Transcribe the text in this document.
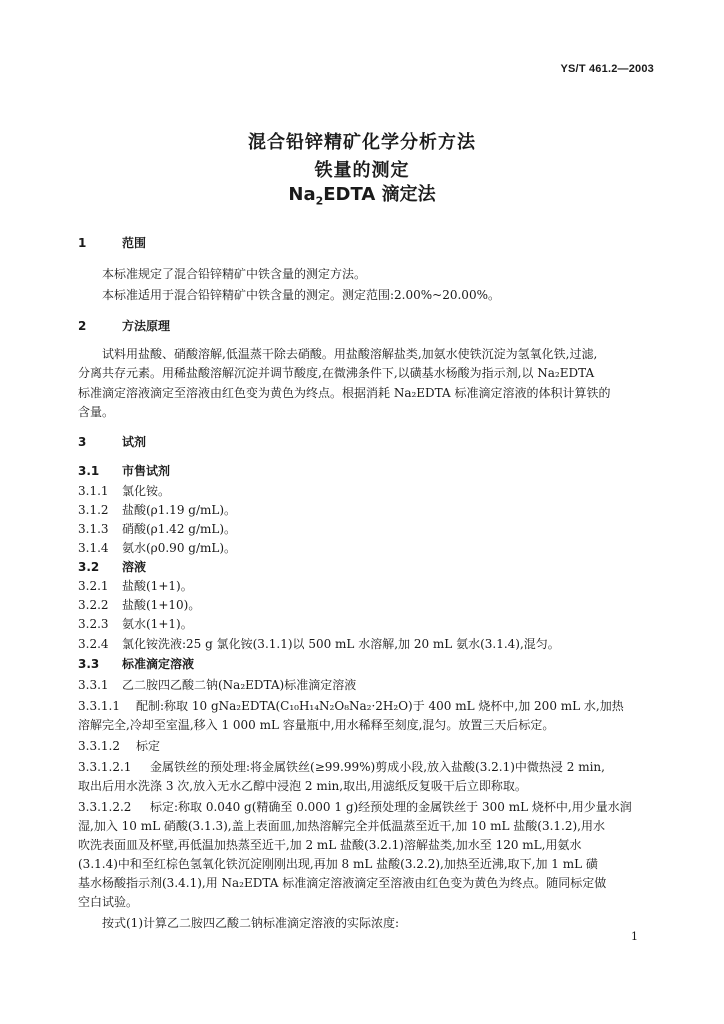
YS/T 461.2—2003
混合铅锌精矿化学分析方法
铁量的测定
$Na_2EDTA$ 滴定法
1	范围
本标准规定了混合铅锌精矿中铁含量的测定方法。
本标准适用于混合铅锌精矿中铁含量的测定。测定范围:2.00%~20.00%。
2	方法原理
试料用盐酸、硝酸溶解,低温蒸干除去硝酸。用盐酸溶解盐类,加氨水使铁沉淀为氢氧化铁,过滤,
分离共存元素。用稀盐酸溶解沉淀并调节酸度,在微沸条件下,以磺基水杨酸为指示剂,以 Na₂EDTA
标准滴定溶液滴定至溶液由红色变为黄色为终点。根据消耗 Na₂EDTA 标准滴定溶液的体积计算铁的
含量。
3	试剂
3.1 市售试剂
3.1.1 氯化铵。
3.1.2 盐酸(ρ1.19 g/mL)。
3.1.3 硝酸(ρ1.42 g/mL)。
3.1.4 氨水(ρ0.90 g/mL)。
3.2 溶液
3.2.1 盐酸(1+1)。
3.2.2 盐酸(1+10)。
3.2.3 氨水(1+1)。
3.2.4 氯化铵洗液:25 g 氯化铵(3.1.1)以 500 mL 水溶解,加 20 mL 氨水(3.1.4),混匀。
3.3 标准滴定溶液
3.3.1 乙二胺四乙酸二钠(Na₂EDTA)标准滴定溶液
3.3.1.1 配制:称取 10 gNa₂EDTA(C₁₀H₁₄N₂O₈Na₂·2H₂O)于 400 mL 烧杯中,加 200 mL 水,加热
溶解完全,冷却至室温,移入 1 000 mL 容量瓶中,用水稀释至刻度,混匀。放置三天后标定。
3.3.1.2 标定
3.3.1.2.1 金属铁丝的预处理:将金属铁丝(≥99.99%)剪成小段,放入盐酸(3.2.1)中微热浸 2 min,
取出后用水洗涤 3 次,放入无水乙醇中浸泡 2 min,取出,用滤纸反复吸干后立即称取。
3.3.1.2.2 标定:称取 0.040 g(精确至 0.000 1 g)经预处理的金属铁丝于 300 mL 烧杯中,用少量水润
湿,加入 10 mL 硝酸(3.1.3),盖上表面皿,加热溶解完全并低温蒸至近干,加 10 mL 盐酸(3.1.2),用水
吹洗表面皿及杯壁,再低温加热蒸至近干,加 2 mL 盐酸(3.2.1)溶解盐类,加水至 120 mL,用氨水
(3.1.4)中和至红棕色氢氧化铁沉淀刚刚出现,再加 8 mL 盐酸(3.2.2),加热至近沸,取下,加 1 mL 磺
基水杨酸指示剂(3.4.1),用 Na₂EDTA 标准滴定溶液滴定至溶液由红色变为黄色为终点。随同标定做
空白试验。
按式(1)计算乙二胺四乙酸二钠标准滴定溶液的实际浓度:
1
